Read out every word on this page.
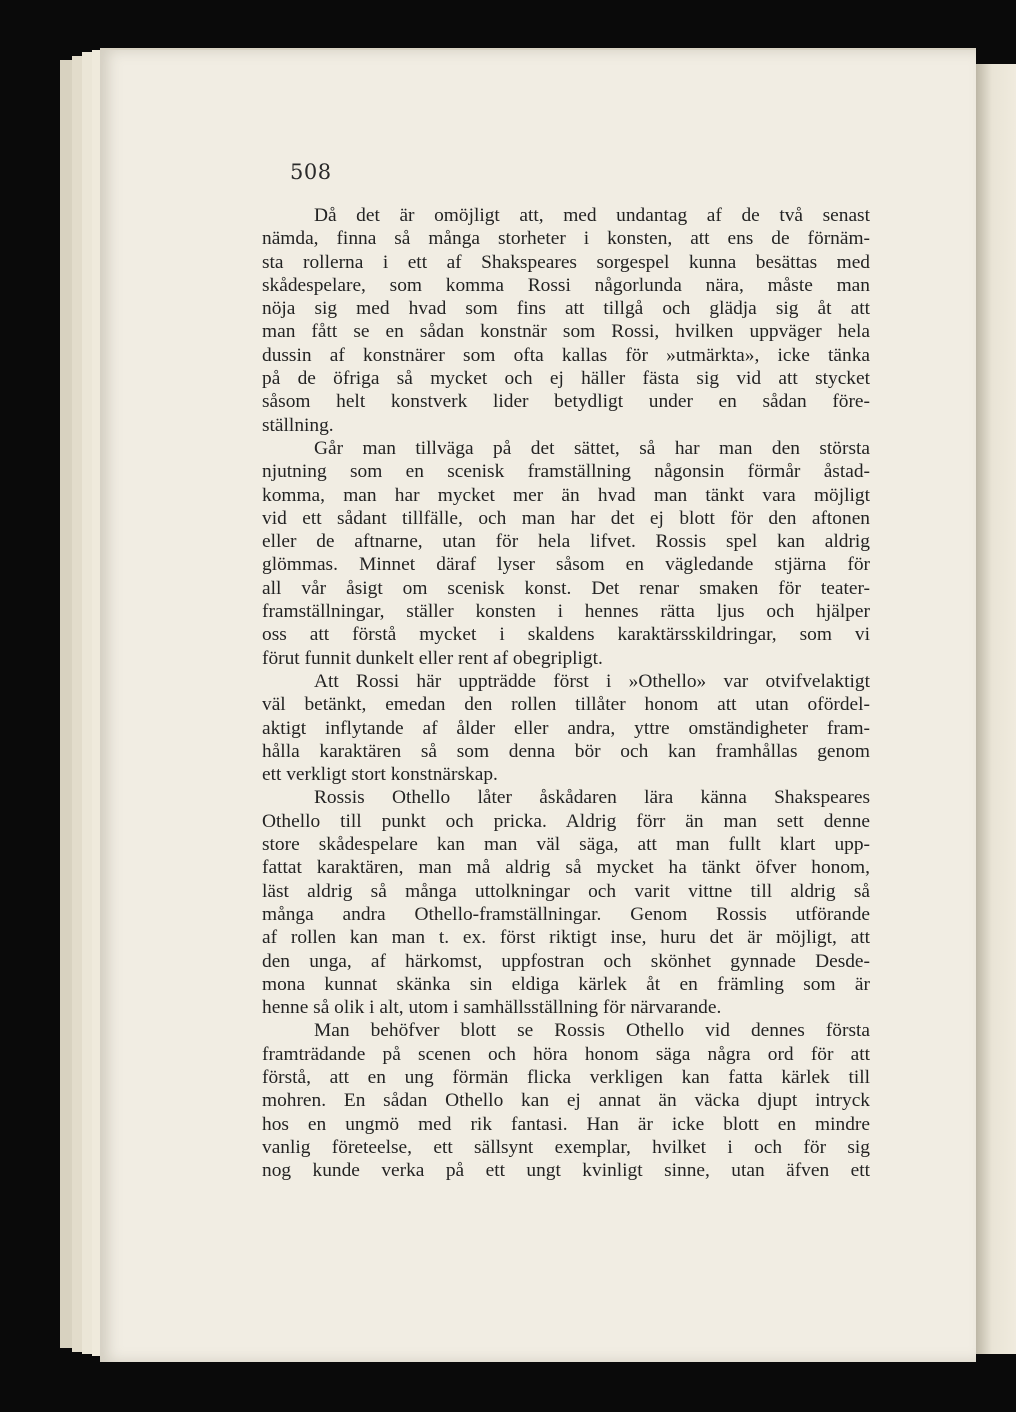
508
Då det är omöjligt att, med undantag af de två senast
nämda, finna så många storheter i konsten, att ens de förnäm-
sta rollerna i ett af Shakspeares sorgespel kunna besättas med
skådespelare, som komma Rossi någorlunda nära, måste man
nöja sig med hvad som fins att tillgå och glädja sig åt att
man fått se en sådan konstnär som Rossi, hvilken uppväger hela
dussin af konstnärer som ofta kallas för »utmärkta», icke tänka
på de öfriga så mycket och ej häller fästa sig vid att stycket
såsom helt konstverk lider betydligt under en sådan före-
ställning.
Går man tillväga på det sättet, så har man den största
njutning som en scenisk framställning någonsin förmår åstad-
komma, man har mycket mer än hvad man tänkt vara möjligt
vid ett sådant tillfälle, och man har det ej blott för den aftonen
eller de aftnarne, utan för hela lifvet. Rossis spel kan aldrig
glömmas. Minnet däraf lyser såsom en vägledande stjärna för
all vår åsigt om scenisk konst. Det renar smaken för teater-
framställningar, ställer konsten i hennes rätta ljus och hjälper
oss att förstå mycket i skaldens karaktärsskildringar, som vi
förut funnit dunkelt eller rent af obegripligt.
Att Rossi här uppträdde först i »Othello» var otvifvelaktigt
väl betänkt, emedan den rollen tillåter honom att utan ofördel-
aktigt inflytande af ålder eller andra, yttre omständigheter fram-
hålla karaktären så som denna bör och kan framhållas genom
ett verkligt stort konstnärskap.
Rossis Othello låter åskådaren lära känna Shakspeares
Othello till punkt och pricka. Aldrig förr än man sett denne
store skådespelare kan man väl säga, att man fullt klart upp-
fattat karaktären, man må aldrig så mycket ha tänkt öfver honom,
läst aldrig så många uttolkningar och varit vittne till aldrig så
många andra Othello-framställningar. Genom Rossis utförande
af rollen kan man t. ex. först riktigt inse, huru det är möjligt, att
den unga, af härkomst, uppfostran och skönhet gynnade Desde-
mona kunnat skänka sin eldiga kärlek åt en främling som är
henne så olik i alt, utom i samhällsställning för närvarande.
Man behöfver blott se Rossis Othello vid dennes första
framträdande på scenen och höra honom säga några ord för att
förstå, att en ung förmän flicka verkligen kan fatta kärlek till
mohren. En sådan Othello kan ej annat än väcka djupt intryck
hos en ungmö med rik fantasi. Han är icke blott en mindre
vanlig företeelse, ett sällsynt exemplar, hvilket i och för sig
nog kunde verka på ett ungt kvinligt sinne, utan äfven ett
